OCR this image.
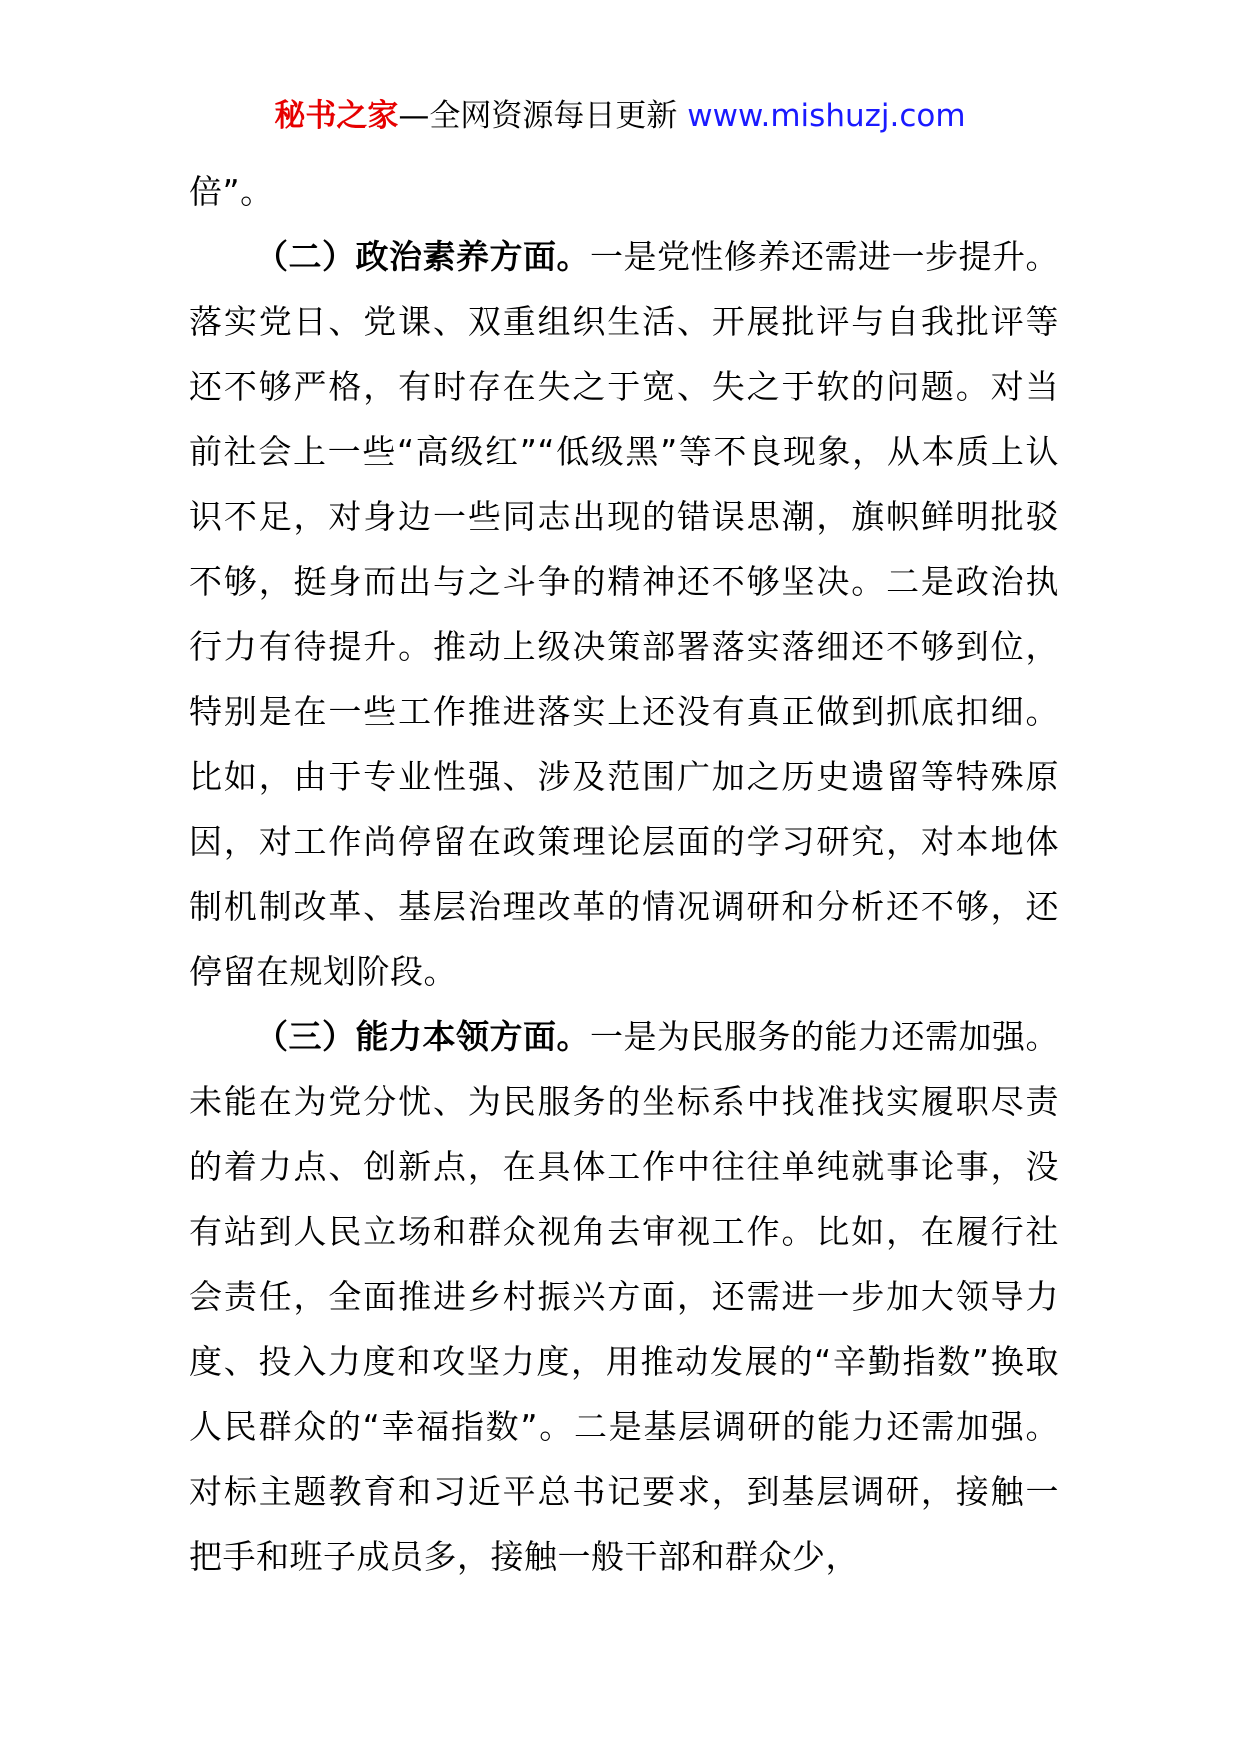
秘书之家—全网资源每日更新 www.mishuzj.com

倍”。

（二）政治素养方面。一是党性修养还需进一步提升。落实党日、党课、双重组织生活、开展批评与自我批评等还不够严格，有时存在失之于宽、失之于软的问题。对当前社会上一些“高级红”“低级黑”等不良现象，从本质上认识不足，对身边一些同志出现的错误思潮，旗帜鲜明批驳不够，挺身而出与之斗争的精神还不够坚决。二是政治执行力有待提升。推动上级决策部署落实落细还不够到位，特别是在一些工作推进落实上还没有真正做到抓底扣细。比如，由于专业性强、涉及范围广加之历史遗留等特殊原因，对工作尚停留在政策理论层面的学习研究，对本地体制机制改革、基层治理改革的情况调研和分析还不够，还停留在规划阶段。

（三）能力本领方面。一是为民服务的能力还需加强。未能在为党分忧、为民服务的坐标系中找准找实履职尽责的着力点、创新点，在具体工作中往往单纯就事论事，没有站到人民立场和群众视角去审视工作。比如，在履行社会责任，全面推进乡村振兴方面，还需进一步加大领导力度、投入力度和攻坚力度，用推动发展的“辛勤指数”换取人民群众的“幸福指数”。二是基层调研的能力还需加强。对标主题教育和习近平总书记要求，到基层调研，接触一把手和班子成员多，接触一般干部和群众少，
